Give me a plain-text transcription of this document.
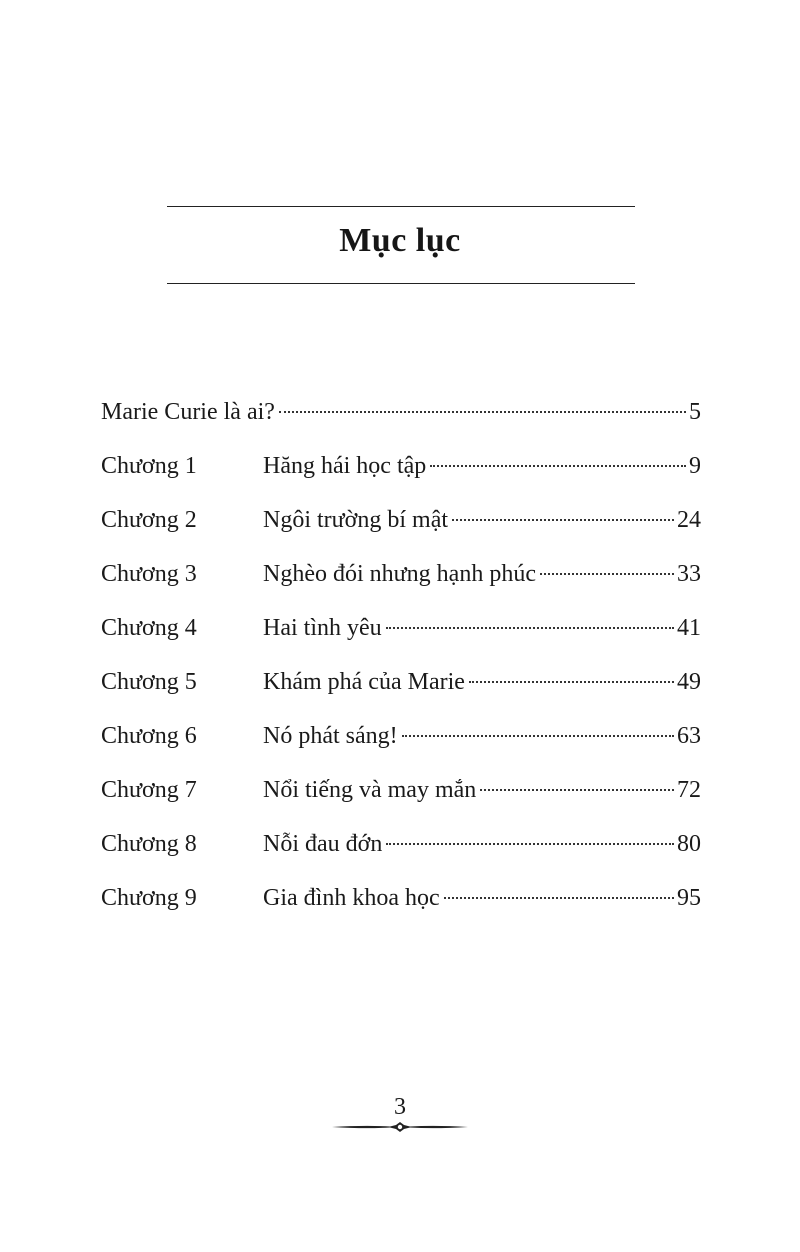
Mục lục
Marie Curie là ai?	5
Chương 1	Hăng hái học tập	9
Chương 2	Ngôi trường bí mật	24
Chương 3	Nghèo đói nhưng hạnh phúc	33
Chương 4	Hai tình yêu	41
Chương 5	Khám phá của Marie	49
Chương 6	Nó phát sáng!	63
Chương 7	Nổi tiếng và may mắn	72
Chương 8	Nỗi đau đớn	80
Chương 9	Gia đình khoa học	95
3
